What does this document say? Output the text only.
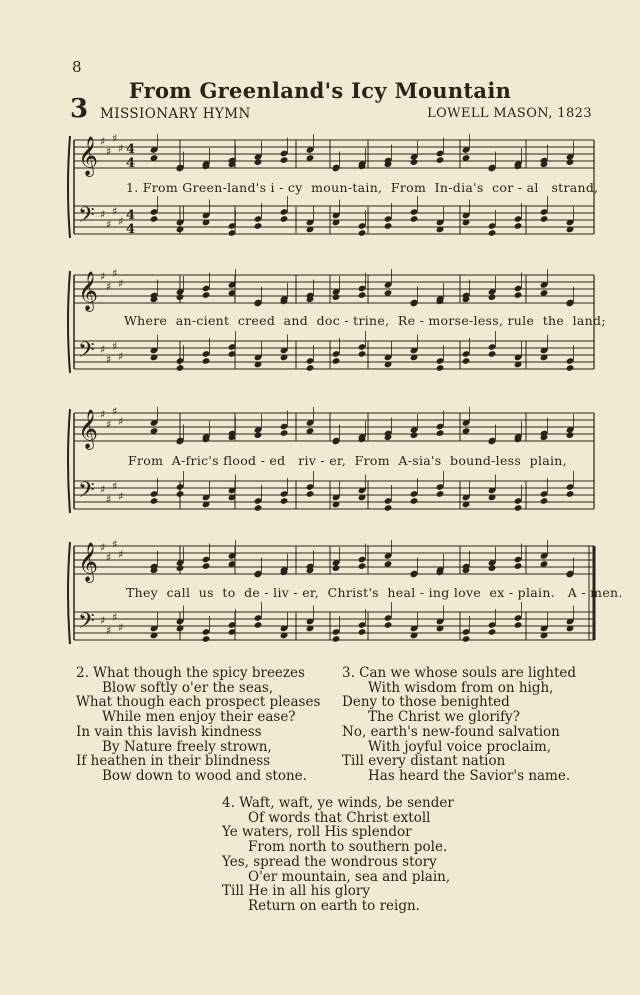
8
From Greenland's Icy Mountain
3 MISSIONARY HYMN	LOWELL MASON, 1823
𝄞 ♯
♯
♯
♯ 4
4
𝄢 ♯
♯
♯
♯ 4
4
𝄞 ♯
♯
♯
♯
𝄢 ♯
♯
♯
♯
𝄞 ♯
♯
♯
♯
𝄢 ♯
♯
♯
♯
𝄞 ♯
♯
♯
♯
𝄢 ♯
♯
♯
♯
1. From Green-land's i - cy  moun-tain,  From  In-dia's  cor - al   strand,
Where  an-cient  creed  and  doc - trine,  Re - morse-less, rule  the  land;
From  A-fric's flood - ed   riv - er,  From  A-sia's  bound-less  plain,
They  call  us  to  de - liv - er,  Christ's  heal - ing love  ex - plain.   A - men.
2. What though the spicy breezes
Blow softly o'er the seas,
What though each prospect pleases
While men enjoy their ease?
In vain this lavish kindness
By Nature freely strown,
If heathen in their blindness
Bow down to wood and stone.
3. Can we whose souls are lighted
With wisdom from on high,
Deny to those benighted
The Christ we glorify?
No, earth's new-found salvation
With joyful voice proclaim,
Till every distant nation
Has heard the Savior's name.
4. Waft, waft, ye winds, be sender
Of words that Christ extoll
Ye waters, roll His splendor
From north to southern pole.
Yes, spread the wondrous story
O'er mountain, sea and plain,
Till He in all his glory
Return on earth to reign.
